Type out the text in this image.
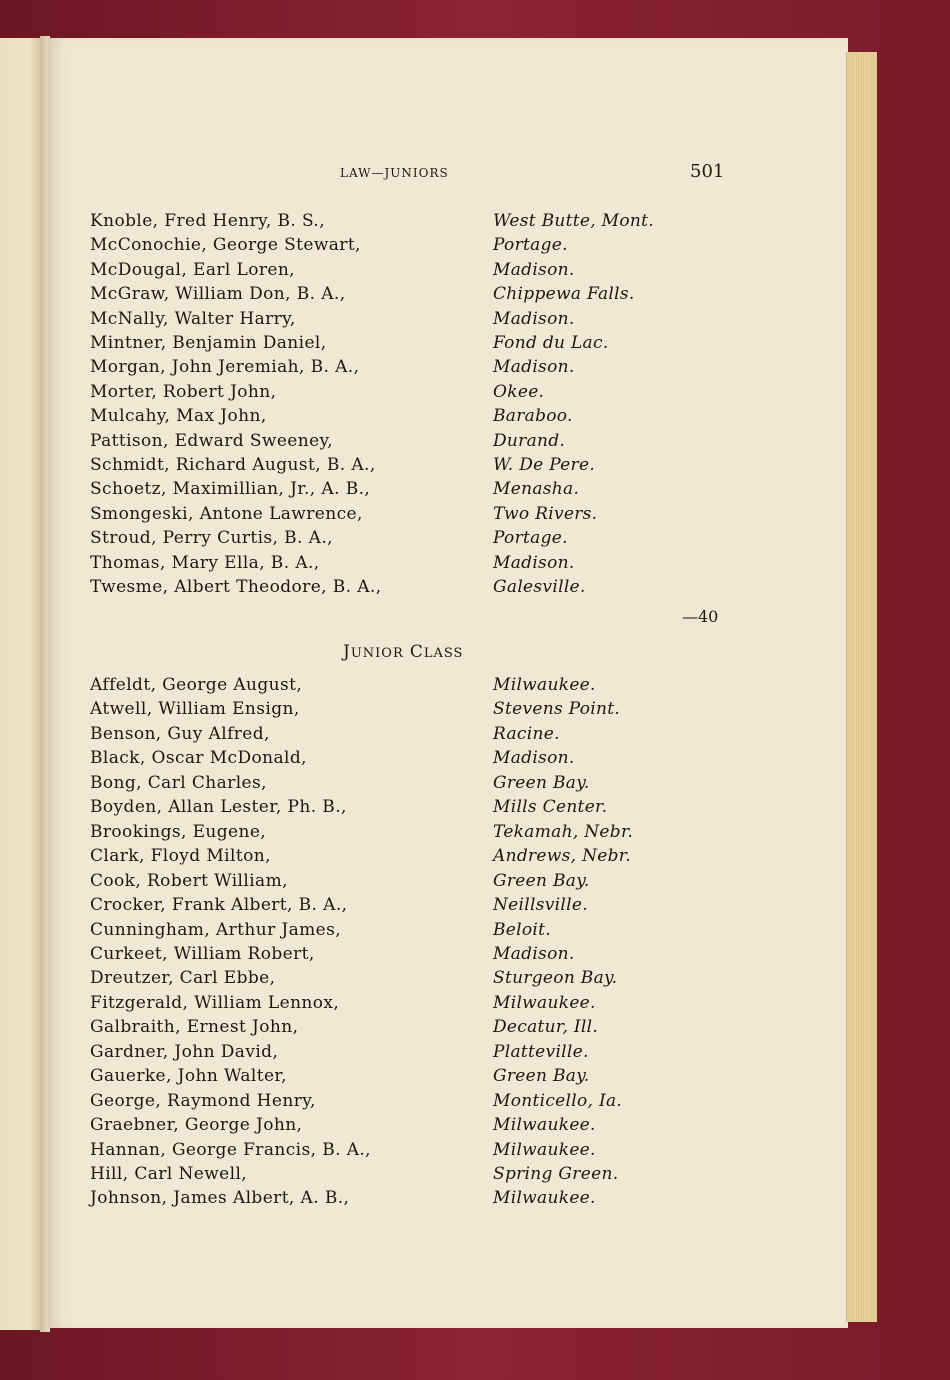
LAW—JUNIORS	501
Knoble, Fred Henry, B. S.,	West Butte, Mont.
McConochie, George Stewart,	Portage.
McDougal, Earl Loren,	Madison.
McGraw, William Don, B. A.,	Chippewa Falls.
McNally, Walter Harry,	Madison.
Mintner, Benjamin Daniel,	Fond du Lac.
Morgan, John Jeremiah, B. A.,	Madison.
Morter, Robert John,	Okee.
Mulcahy, Max John,	Baraboo.
Pattison, Edward Sweeney,	Durand.
Schmidt, Richard August, B. A.,	W. De Pere.
Schoetz, Maximillian, Jr., A. B.,	Menasha.
Smongeski, Antone Lawrence,	Two Rivers.
Stroud, Perry Curtis, B. A.,	Portage.
Thomas, Mary Ella, B. A.,	Madison.
Twesme, Albert Theodore, B. A.,	Galesville.
—40
JUNIOR CLASS
Affeldt, George August,	Milwaukee.
Atwell, William Ensign,	Stevens Point.
Benson, Guy Alfred,	Racine.
Black, Oscar McDonald,	Madison.
Bong, Carl Charles,	Green Bay.
Boyden, Allan Lester, Ph. B.,	Mills Center.
Brookings, Eugene,	Tekamah, Nebr.
Clark, Floyd Milton,	Andrews, Nebr.
Cook, Robert William,	Green Bay.
Crocker, Frank Albert, B. A.,	Neillsville.
Cunningham, Arthur James,	Beloit.
Curkeet, William Robert,	Madison.
Dreutzer, Carl Ebbe,	Sturgeon Bay.
Fitzgerald, William Lennox,	Milwaukee.
Galbraith, Ernest John,	Decatur, Ill.
Gardner, John David,	Platteville.
Gauerke, John Walter,	Green Bay.
George, Raymond Henry,	Monticello, Ia.
Graebner, George John,	Milwaukee.
Hannan, George Francis, B. A.,	Milwaukee.
Hill, Carl Newell,	Spring Green.
Johnson, James Albert, A. B.,	Milwaukee.
